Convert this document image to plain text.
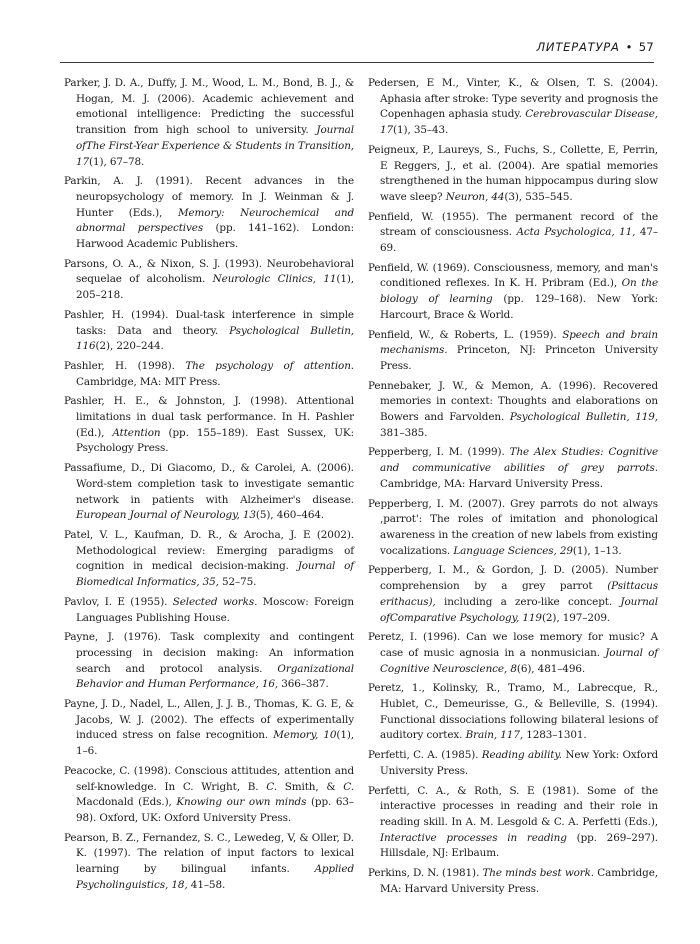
ЛИТЕРАТУРА • 57

Parker, J. D. A., Duffy, J. M., Wood, L. M., Bond, B. J., & Hogan, M. J. (2006). Academic achievement and emotional intelligence: Predicting the successful transition from high school to university. Journal ofThe First-Year Experience & Students in Transition, 17(1), 67–78.

Parkin, A. J. (1991). Recent advances in the neuropsychology of memory. In J. Weinman & J. Hunter (Eds.), Memory: Neurochemical and abnormal perspectives (pp. 141–162). London: Harwood Academic Publishers.

Parsons, O. A., & Nixon, S. J. (1993). Neurobehavioral sequelae of alcoholism. Neurologic Clinics, 11(1), 205–218.

Pashler, H. (1994). Dual-task interference in simple tasks: Data and theory. Psychological Bulletin, 116(2), 220–244.

Pashler, H. (1998). The psychology of attention. Cambridge, MA: MIT Press.

Pashler, H. E., & Johnston, J. (1998). Attentional limitations in dual task performance. In H. Pashler (Ed.), Attention (pp. 155–189). East Sussex, UK: Psychology Press.

Passafiume, D., Di Giacomo, D., & Carolei, A. (2006). Word-stem completion task to investigate semantic network in patients with Alzheimer's disease. European Journal of Neurology, 13(5), 460–464.

Patel, V. L., Kaufman, D. R., & Arocha, J. E (2002). Methodological review: Emerging paradigms of cognition in medical decision-making. Journal of Biomedical Informatics, 35, 52–75.

Pavlov, I. E (1955). Selected works. Moscow: Foreign Languages Publishing House.

Payne, J. (1976). Task complexity and contingent processing in decision making: An information search and protocol analysis. Organizational Behavior and Human Performance, 16, 366–387.

Payne, J. D., Nadel, L., Allen, J. J. B., Thomas, K. G. E, & Jacobs, W. J. (2002). The effects of experimentally induced stress on false recognition. Memory, 10(1), 1–6.

Peacocke, C. (1998). Conscious attitudes, attention and self-knowledge. In C. Wright, B. C. Smith, & C. Macdonald (Eds.), Knowing our own minds (pp. 63–98). Oxford, UK: Oxford University Press.

Pearson, B. Z., Fernandez, S. C., Lewedeg, V, & Oller, D. K. (1997). The relation of input factors to lexical learning by bilingual infants. Applied Psycholinguistics, 18, 41–58.

Pedersen, E M., Vinter, K., & Olsen, T. S. (2004). Aphasia after stroke: Type severity and prognosis the Copenhagen aphasia study. Cerebrovascular Disease, 17(1), 35–43.

Peigneux, P., Laureys, S., Fuchs, S., Collette, E, Perrin, E Reggers, J., et al. (2004). Are spatial memories strengthened in the human hippocampus during slow wave sleep? Neuron, 44(3), 535–545.

Penfield, W. (1955). The permanent record of the stream of consciousness. Acta Psychologica, 11, 47–69.

Penfield, W. (1969). Consciousness, memory, and man's conditioned reflexes. In K. H. Pribram (Ed.), On the biology of learning (pp. 129–168). New York: Harcourt, Brace & World.

Penfield, W., & Roberts, L. (1959). Speech and brain mechanisms. Princeton, NJ: Princeton University Press.

Pennebaker, J. W., & Memon, A. (1996). Recovered memories in context: Thoughts and elaborations on Bowers and Farvolden. Psychological Bulletin, 119, 381–385.

Pepperberg, I. M. (1999). The Alex Studies: Cognitive and communicative abilities of grey parrots. Cambridge, MA: Harvard University Press.

Pepperberg, I. M. (2007). Grey parrots do not always ‚parrot': The roles of imitation and phonological awareness in the creation of new labels from existing vocalizations. Language Sciences, 29(1), 1–13.

Pepperberg, I. M., & Gordon, J. D. (2005). Number comprehension by a grey parrot (Psittacus erithacus), including a zero-like concept. Journal ofComparative Psychology, 119(2), 197–209.

Peretz, I. (1996). Can we lose memory for music? A case of music agnosia in a nonmusician. Journal of Cognitive Neuroscience, 8(6), 481–496.

Peretz, 1., Kolinsky, R., Tramo, M., Labrecque, R., Hublet, C., Demeurisse, G., & Belleville, S. (1994). Functional dissociations following bilateral lesions of auditory cortex. Brain, 117, 1283–1301.

Perfetti, C. A. (1985). Reading ability. New York: Oxford University Press.

Perfetti, C. A., & Roth, S. E (1981). Some of the interactive processes in reading and their role in reading skill. In A. M. Lesgold & C. A. Perfetti (Eds.), Interactive processes in reading (pp. 269–297). Hillsdale, NJ: Erlbaum.

Perkins, D. N. (1981). The minds best work. Cambridge, MA: Harvard University Press.
